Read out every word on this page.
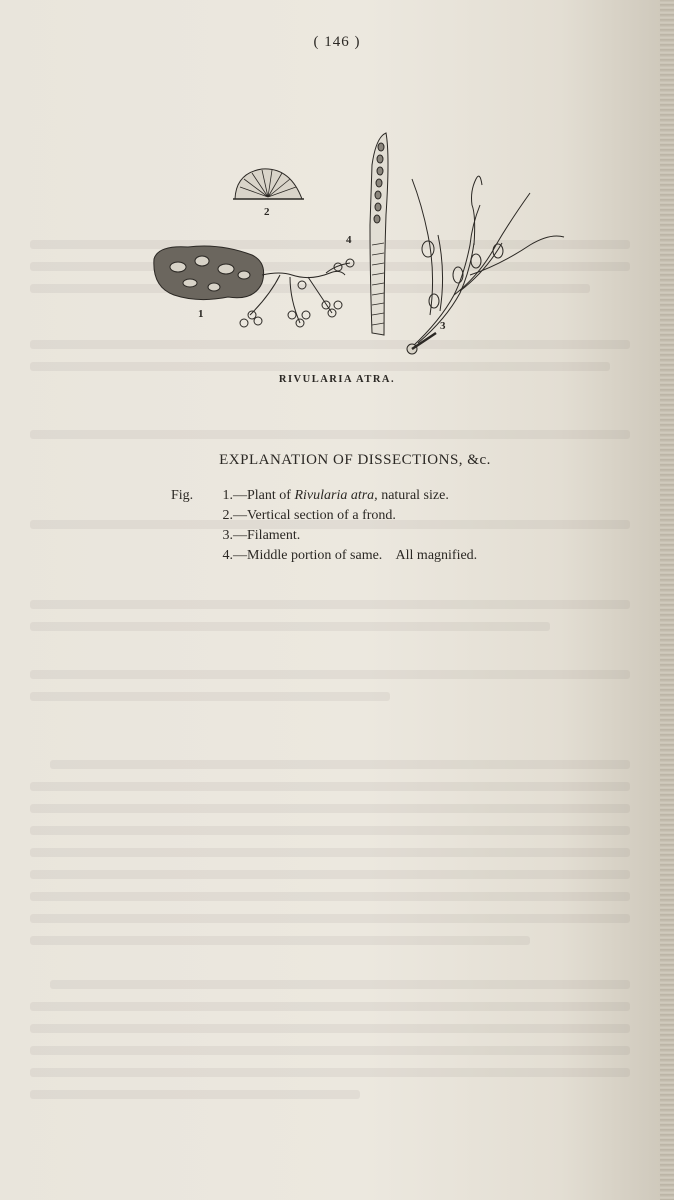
( 146 )
1
2
3
4
RIVULARIA ATRA.
EXPLANATION OF DISSECTIONS, &c.
Fig.	1. —Plant of Rivularia atra, natural size.
2. —Vertical section of a frond.
3. —Filament.
4. —Middle portion of same.    All magnified.
